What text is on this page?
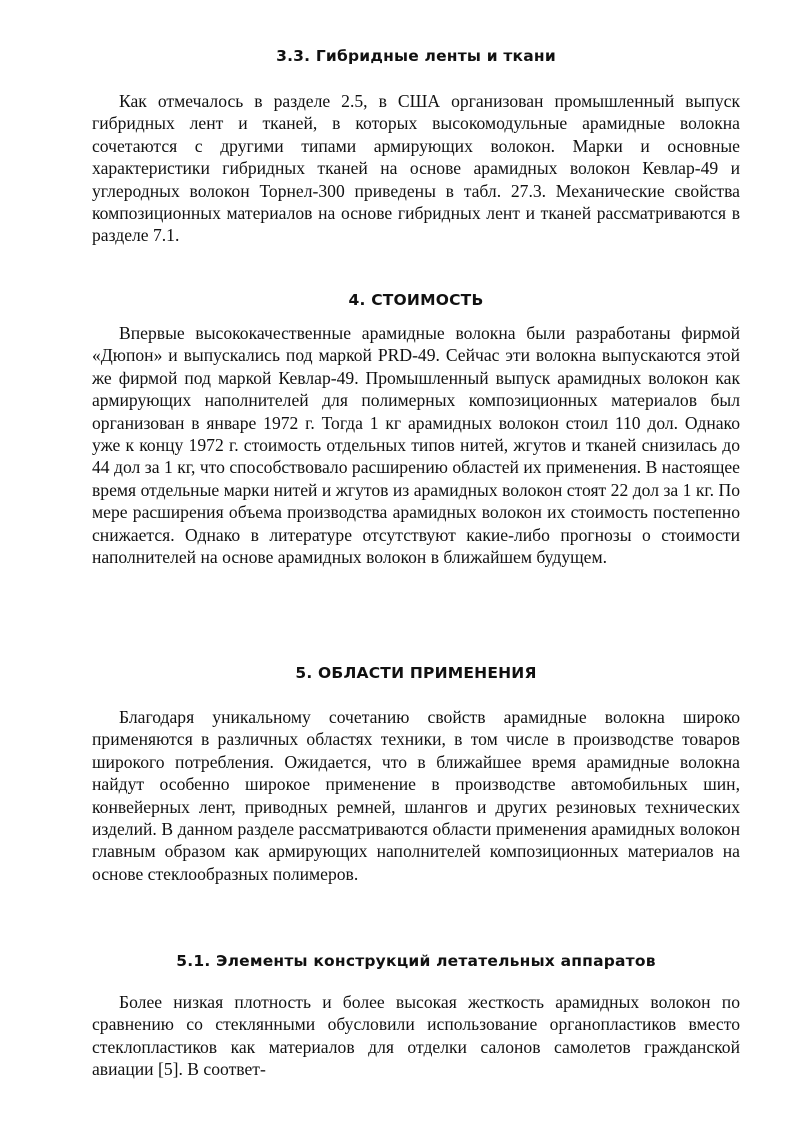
3.3. Гибридные ленты и ткани

Как отмечалось в разделе 2.5, в США организован промышленный выпуск гибридных лент и тканей, в которых высокомодульные арамидные волокна сочетаются с другими типами армирующих волокон. Марки и основные характеристики гибридных тканей на основе арамидных волокон Кевлар-49 и углеродных волокон Торнел-300 приведены в табл. 27.3. Механические свойства композиционных материалов на основе гибридных лент и тканей рассматриваются в разделе 7.1.

4. СТОИМОСТЬ

Впервые высококачественные арамидные волокна были разработаны фирмой «Дюпон» и выпускались под маркой PRD-49. Сейчас эти волокна выпускаются этой же фирмой под маркой Кевлар-49. Промышленный выпуск арамидных волокон как армирующих наполнителей для полимерных композиционных материалов был организован в январе 1972 г. Тогда 1 кг арамидных волокон стоил 110 дол. Однако уже к концу 1972 г. стоимость отдельных типов нитей, жгутов и тканей снизилась до 44 дол за 1 кг, что способствовало расширению областей их применения. В настоящее время отдельные марки нитей и жгутов из арамидных волокон стоят 22 дол за 1 кг. По мере расширения объема производства арамидных волокон их стоимость постепенно снижается. Однако в литературе отсутствуют какие-либо прогнозы о стоимости наполнителей на основе арамидных волокон в ближайшем будущем.

5. ОБЛАСТИ ПРИМЕНЕНИЯ

Благодаря уникальному сочетанию свойств арамидные волокна широко применяются в различных областях техники, в том числе в производстве товаров широкого потребления. Ожидается, что в ближайшее время арамидные волокна найдут особенно широкое применение в производстве автомобильных шин, конвейерных лент, приводных ремней, шлангов и других резиновых технических изделий. В данном разделе рассматриваются области применения арамидных волокон главным образом как армирующих наполнителей композиционных материалов на основе стеклообразных полимеров.

5.1. Элементы конструкций летательных аппаратов

Более низкая плотность и более высокая жесткость арамидных волокон по сравнению со стеклянными обусловили использование органопластиков вместо стеклопластиков как материалов для отделки салонов самолетов гражданской авиации [5]. В соответ-
